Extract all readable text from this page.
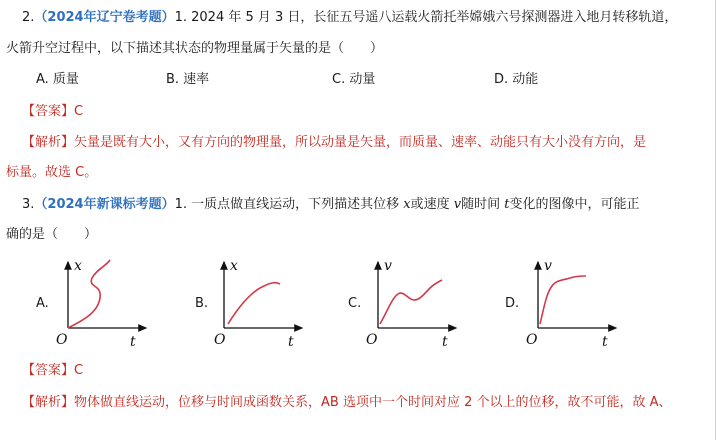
2.（2024年辽宁卷考题）1. 2024 年 5 月 3 日，长征五号遥八运载火箭托举嫦娥六号探测器进入地月转移轨道，
火箭升空过程中，以下描述其状态的物理量属于矢量的是（　　）
A. 质量	B. 速率	C. 动量	D. 动能
【答案】C
【解析】矢量是既有大小，又有方向的物理量，所以动量是矢量，而质量、速率、动能只有大小没有方向，是
标量。故选 C。
3.（2024年新课标考题）1. 一质点做直线运动，下列描述其位移 x或速度 v随时间 t变化的图像中，可能正
确的是（　　）
A.
x
t
O
B.
x
t
O
C.
v
t
O
D.
v
t
O
【答案】C
【解析】物体做直线运动，位移与时间成函数关系，AB 选项中一个时间对应 2 个以上的位移，故不可能，故 A、
